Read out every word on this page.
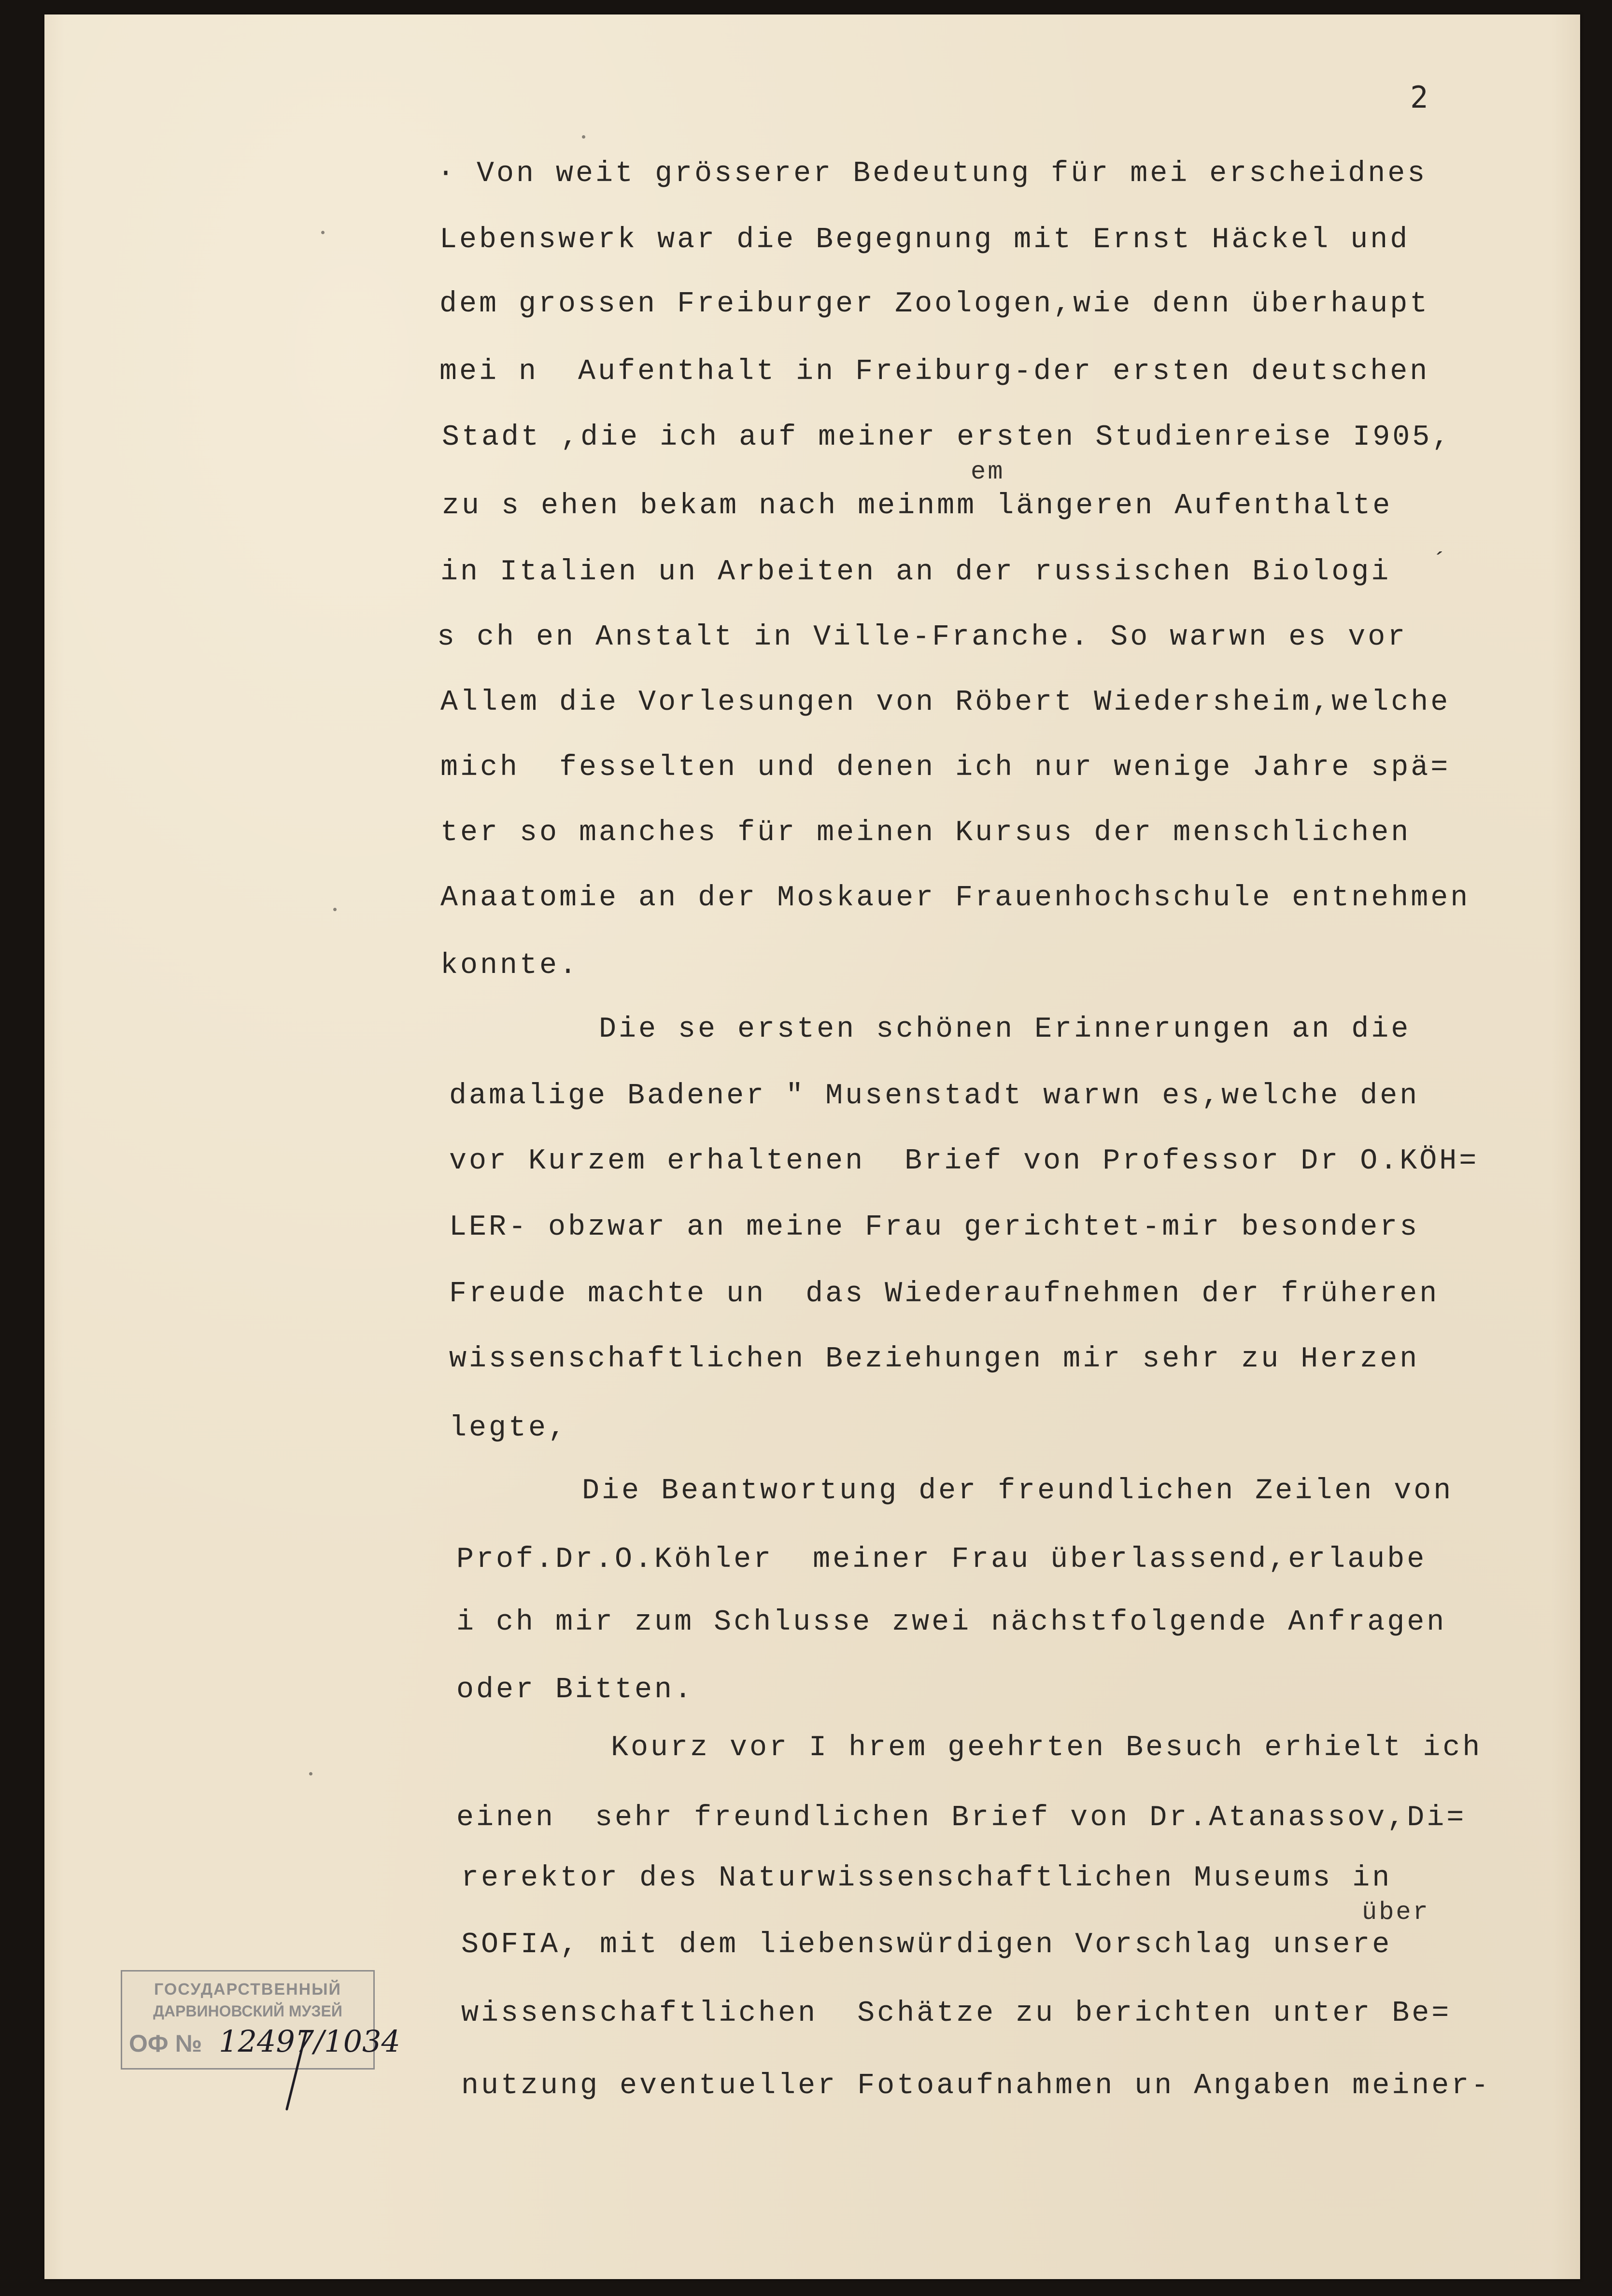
2
· Von weit grösserer Bedeutung für mei erscheidnes
Lebenswerk war die Begegnung mit Ernst Häckel und
dem grossen Freiburger Zoologen,wie denn überhaupt
mei n  Aufenthalt in Freiburg-der ersten deutschen
Stadt ,die ich auf meiner ersten Studienreise I905,
em
zu s ehen bekam nach meinmm längeren Aufenthalte
in Italien un Arbeiten an der russischen Biologi ´
s ch en Anstalt in Ville-Franche. So warwn es vor
Allem die Vorlesungen von Röbert Wiedersheim,welche
mich  fesselten und denen ich nur wenige Jahre spä=
ter so manches für meinen Kursus der menschlichen
Anaatomie an der Moskauer Frauenhochschule entnehmen
konnte.
Die se ersten schönen Erinnerungen an die
damalige Badener " Musenstadt warwn es,welche den
vor Kurzem erhaltenen  Brief von Professor Dr O.KÖH=
LER- obzwar an meine Frau gerichtet-mir besonders
Freude machte un  das Wiederaufnehmen der früheren
wissenschaftlichen Beziehungen mir sehr zu Herzen
legte,
Die Beantwortung der freundlichen Zeilen von
Prof.Dr.O.Köhler  meiner Frau überlassend,erlaube
i ch mir zum Schlusse zwei nächstfolgende Anfragen
oder Bitten.
Kourz vor I hrem geehrten Besuch erhielt ich
einen  sehr freundlichen Brief von Dr.Atanassov,Di=
rerektor des Naturwissenschaftlichen Museums in
über
SOFIA, mit dem liebenswürdigen Vorschlag unsere
wissenschaftlichen  Schätze zu berichten unter Be=
nutzung eventueller Fotoaufnahmen un Angaben meiner-
ГОСУДАРСТВЕННЫЙ
ДАРВИНОВСКИЙ МУЗЕЙ
ОФ № 12497/1034
